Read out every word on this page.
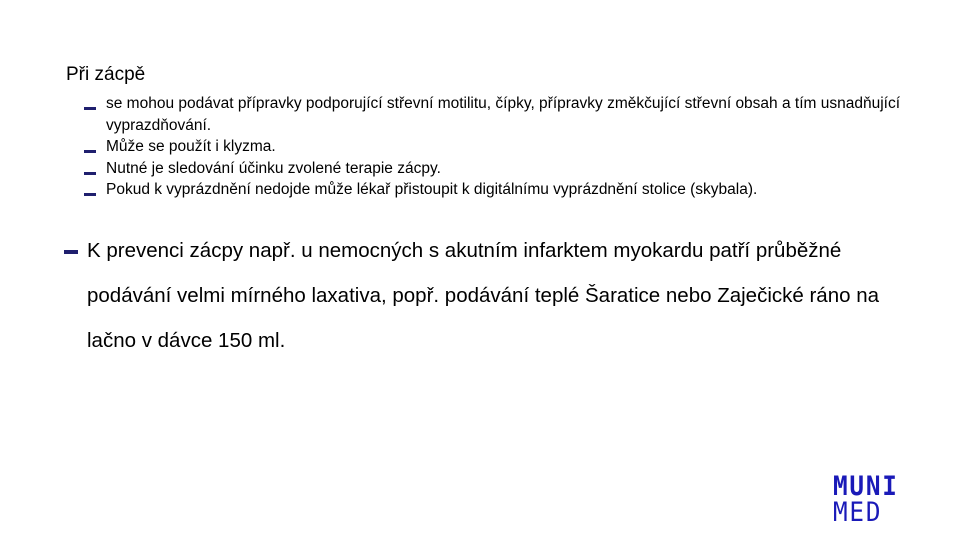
Při zácpě
se mohou podávat přípravky podporující střevní motilitu, čípky, přípravky změkčující střevní obsah a tím usnadňující vyprazdňování.
Může se použít i klyzma.
Nutné je sledování účinku zvolené terapie zácpy.
Pokud k vyprázdnění nedojde může lékař přistoupit k digitálnímu vyprázdnění stolice (skybala).
K prevenci zácpy např. u nemocných s akutním infarktem myokardu patří průběžné podávání velmi mírného laxativa, popř. podávání teplé Šaratice nebo Zaječické ráno na lačno v dávce 150 ml.
MUNI
MED
